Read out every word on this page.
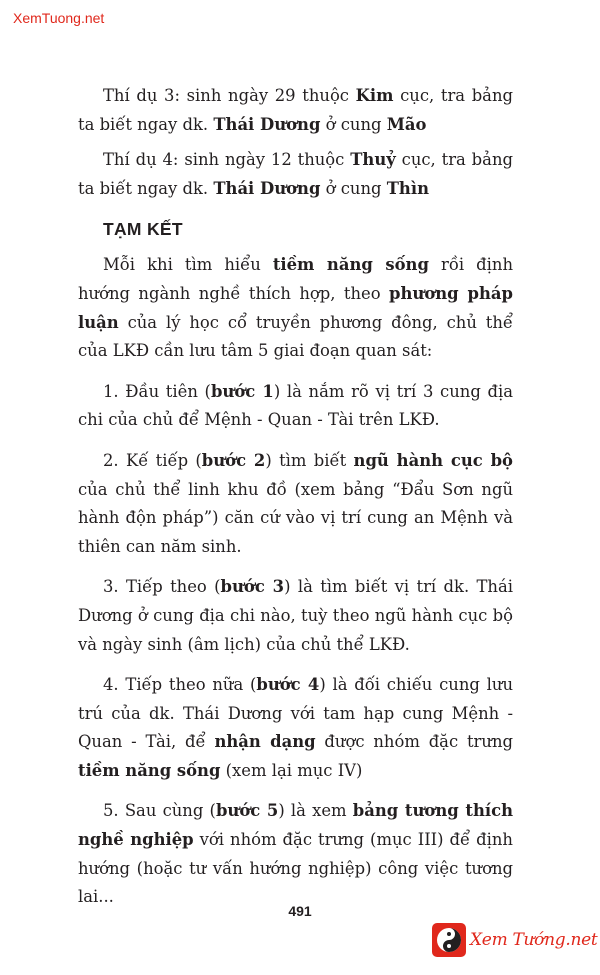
XemTuong.net

Thí dụ 3: sinh ngày 29 thuộc Kim cục, tra bảng ta biết ngay dk. Thái Dương ở cung Mão

Thí dụ 4: sinh ngày 12 thuộc Thuỷ cục, tra bảng ta biết ngay dk. Thái Dương ở cung Thìn

TẠM KẾT

Mỗi khi tìm hiểu tiềm năng sống rồi định hướng ngành nghề thích hợp, theo phương pháp luận của lý học cổ truyền phương đông, chủ thể của LKĐ cần lưu tâm 5 giai đoạn quan sát:

1. Đầu tiên (bước 1) là nắm rõ vị trí 3 cung địa chi của chủ để Mệnh - Quan - Tài trên LKĐ.

2. Kế tiếp (bước 2) tìm biết ngũ hành cục bộ của chủ thể linh khu đồ (xem bảng “Đẩu Sơn ngũ hành độn pháp”) căn cứ vào vị trí cung an Mệnh và thiên can năm sinh.

3. Tiếp theo (bước 3) là tìm biết vị trí dk. Thái Dương ở cung địa chi nào, tuỳ theo ngũ hành cục bộ và ngày sinh (âm lịch) của chủ thể LKĐ.

4. Tiếp theo nữa (bước 4) là đối chiếu cung lưu trú của dk. Thái Dương với tam hạp cung Mệnh - Quan - Tài, để nhận dạng được nhóm đặc trưng tiềm năng sống (xem lại mục IV)

5. Sau cùng (bước 5) là xem bảng tương thích nghề nghiệp với nhóm đặc trưng (mục III) để định hướng (hoặc tư vấn hướng nghiệp) công việc tương lai...

491
Xem Tướng.net
